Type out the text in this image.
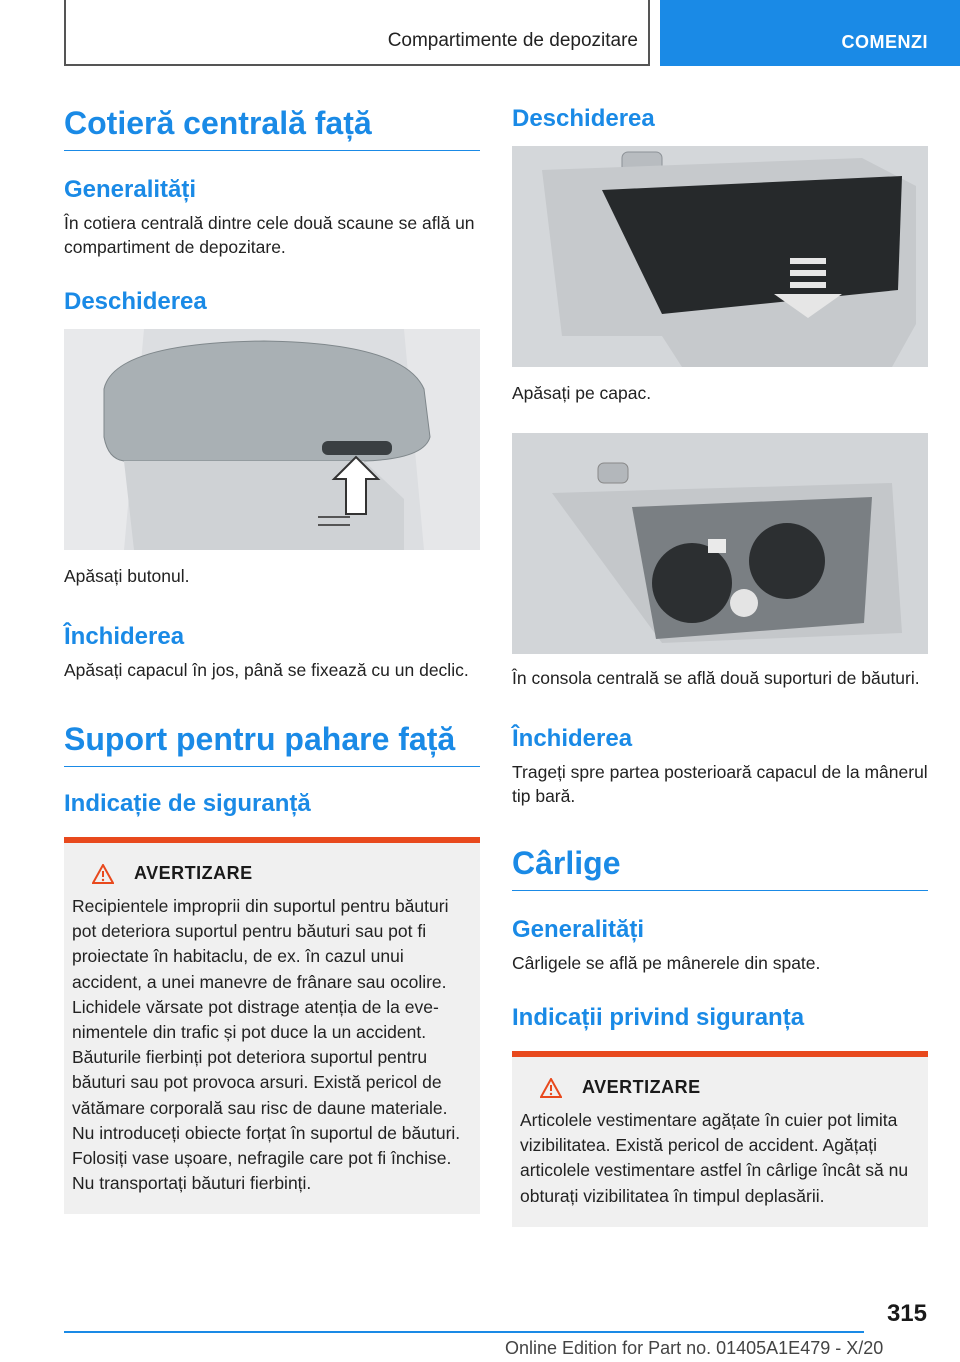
Compartimente de depozitare	COMENZI
Cotieră centrală față
Generalități

În cotiera centrală dintre cele două scaune se află un compartiment de depozitare.

Deschiderea

Apăsați butonul.

Închiderea

Apăsați capacul în jos, până se fixează cu un declic.

Suport pentru pahare față
Indicație de siguranță
AVERTIZARE

Recipientele improprii din suportul pentru băuturi pot deteriora suportul pentru băuturi sau pot fi proiectate în habitaclu, de ex. în cazul unui accident, a unei manevre de frânare sau ocolire. Lichidele vărsate pot distrage atenția de la evenimentele din trafic și pot duce la un accident. Băuturile fierbinți pot deteriora suportul pentru băuturi sau pot provoca arsuri. Există pericol de vătămare corporală sau risc de daune materiale. Nu introduceți obiecte forțat în suportul de băuturi. Folosiți vase ușoare, nefragile care pot fi închise. Nu transportați băuturi fierbinți.

Deschiderea

Apăsați pe capac.

În consola centrală se află două suporturi de băuturi.

Închiderea

Trageți spre partea posterioară capacul de la mânerul tip bară.

Cârlige
Generalități

Cârligele se află pe mânerele din spate.

Indicații privind siguranța
AVERTIZARE

Articolele vestimentare agățate în cuier pot limita vizibilitatea. Există pericol de accident. Agățați articolele vestimentare astfel în cârlige încât să nu obturați vizibilitatea în timpul deplasării.

315
Online Edition for Part no. 01405A1E479 - X/20
